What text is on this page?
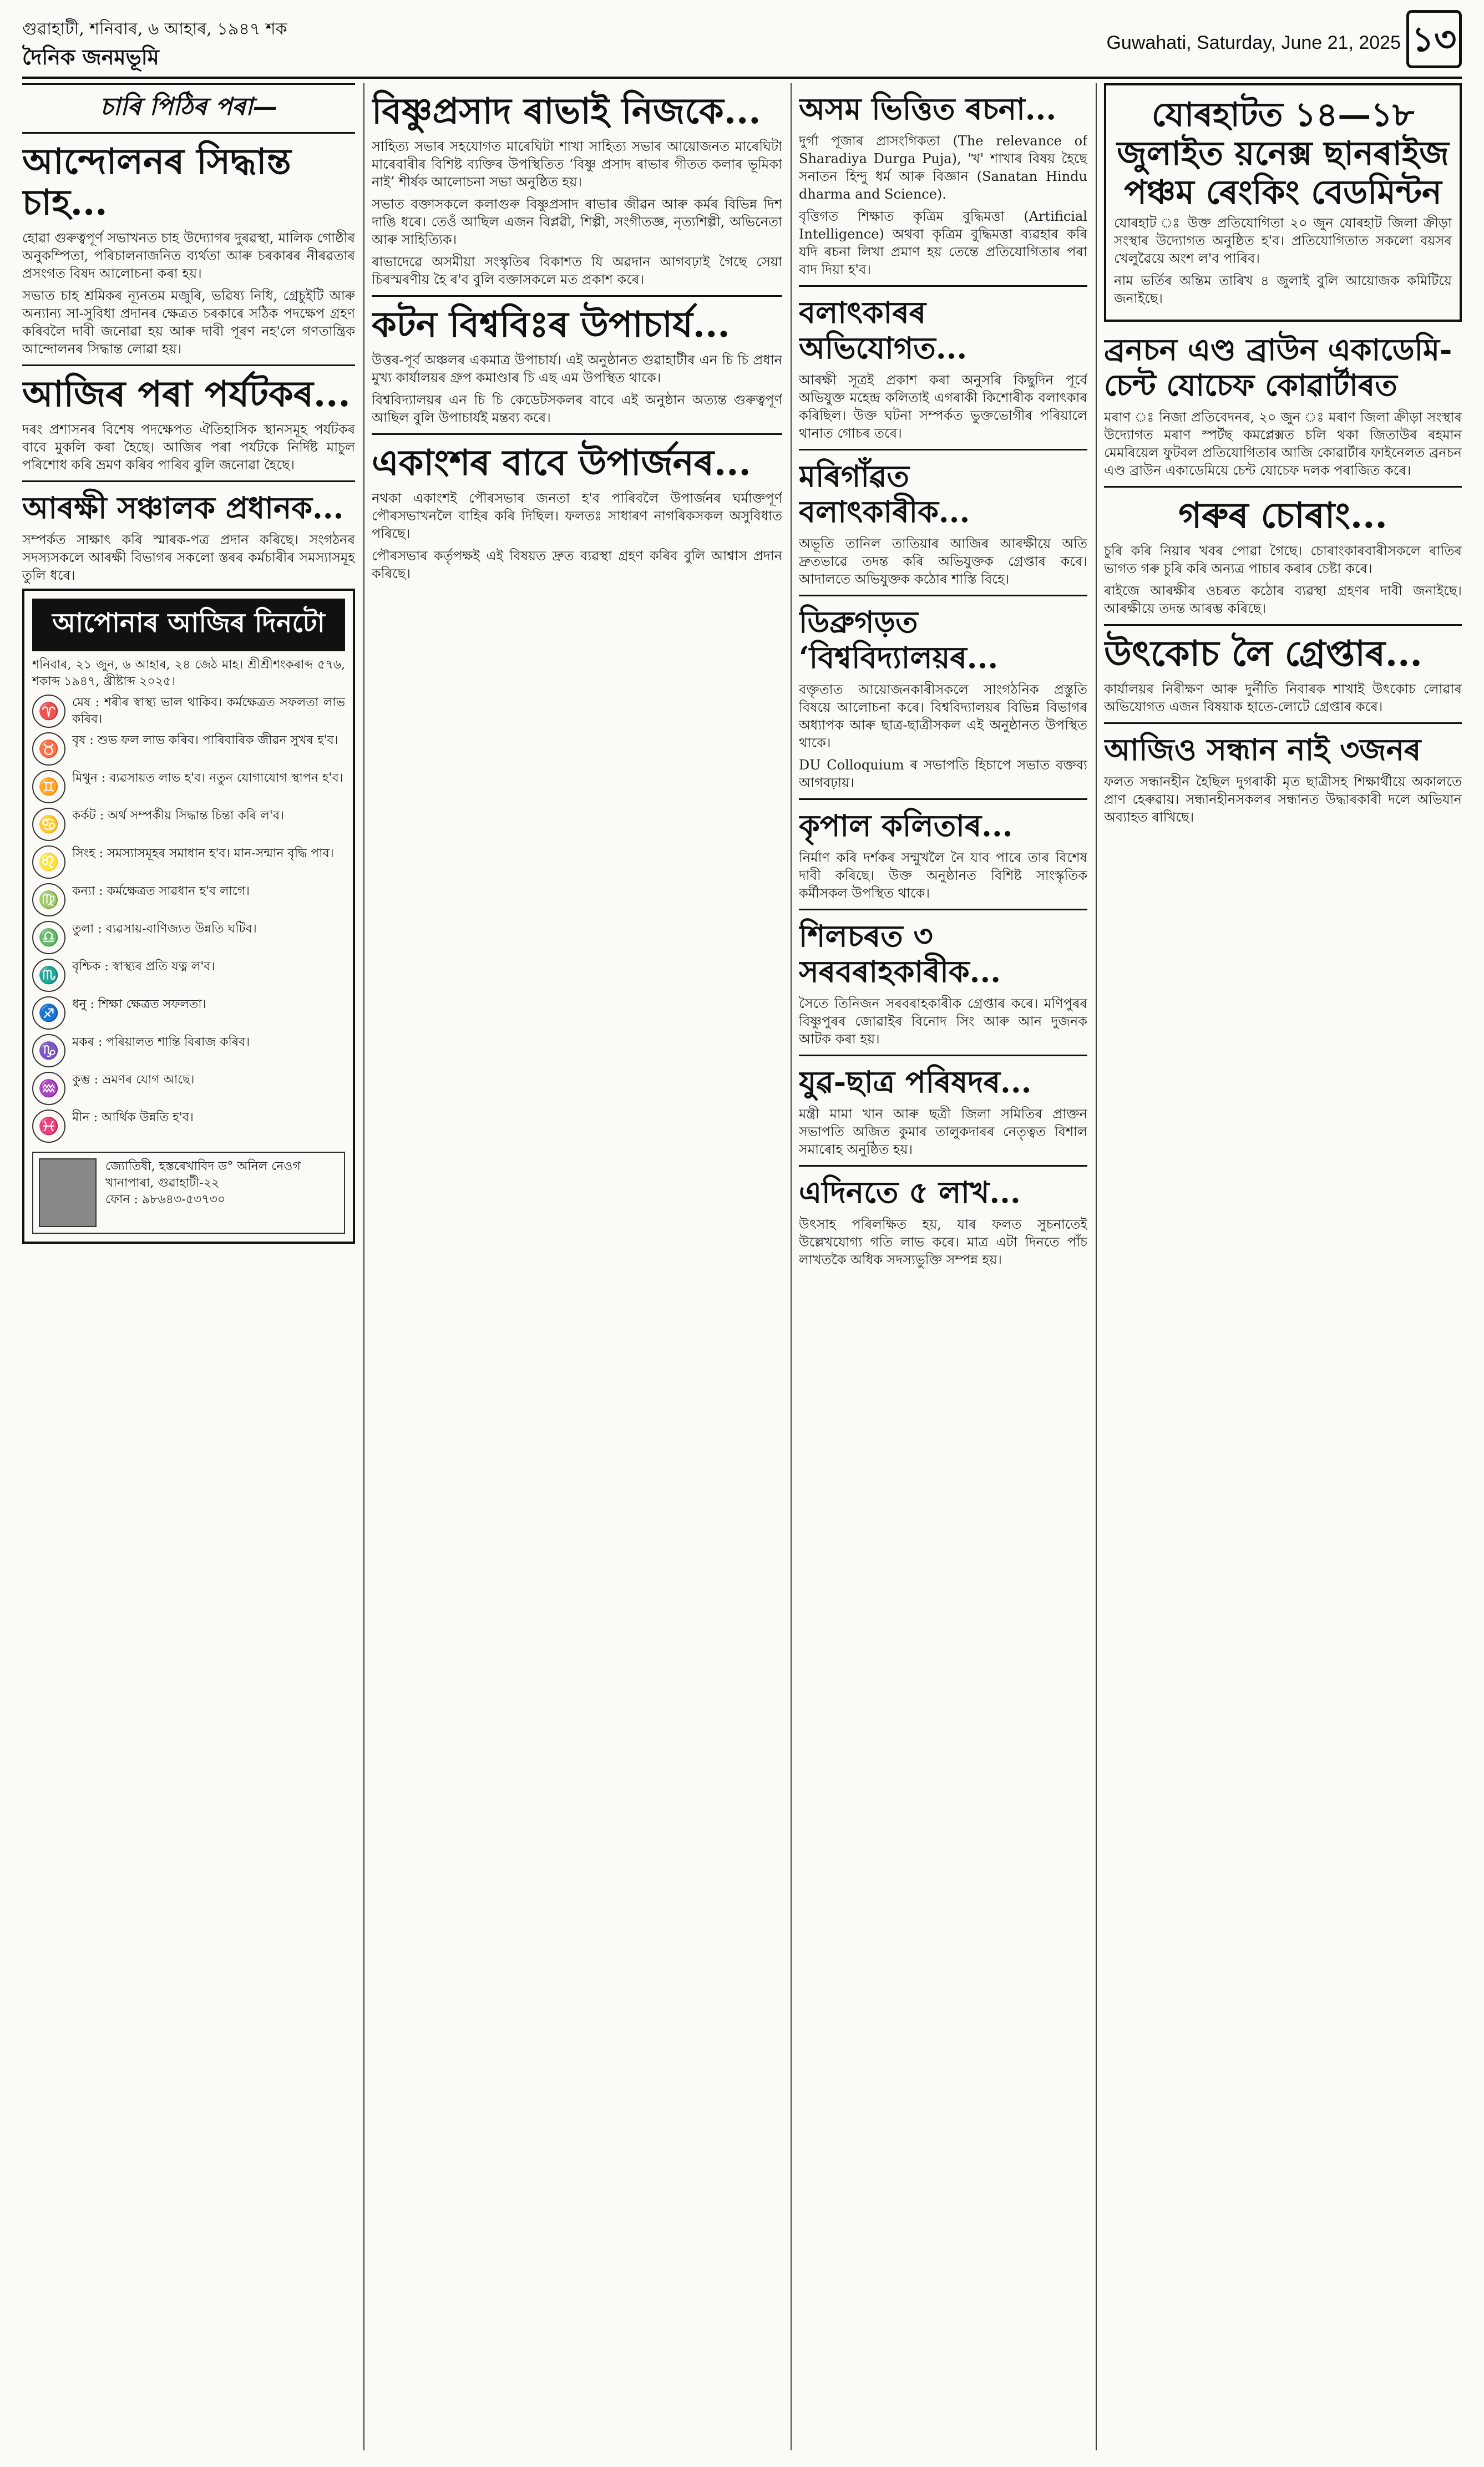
গুৱাহাটী, শনিবাৰ, ৬ আহাৰ, ১৯৪৭ শক
দৈনিক জনমভূমি
Guwahati, Saturday, June 21, 2025 ১৩
চাৰি পিঠিৰ পৰা—
আন্দোলনৰ সিদ্ধান্ত চাহ...

হোৱা গুৰুত্বপূৰ্ণ সভাখনত চাহ উদ্যোগৰ দুৰৱস্থা, মালিক গোষ্ঠীৰ অনুকম্পিতা, পৰিচালনাজনিত ব্যৰ্থতা আৰু চৰকাৰৰ নীৰৱতাৰ প্ৰসংগত বিষদ আলোচনা কৰা হয়।

সভাত চাহ শ্ৰমিকৰ ন্যূনতম মজুৰি, ভৱিষ্য নিধি, গ্ৰেচুইটি আৰু অন্যান্য সা-সুবিধা প্ৰদানৰ ক্ষেত্ৰত চৰকাৰে সঠিক পদক্ষেপ গ্ৰহণ কৰিবলৈ দাবী জনোৱা হয় আৰু দাবী পূৰণ নহ'লে গণতান্ত্ৰিক আন্দোলনৰ সিদ্ধান্ত লোৱা হয়।

আজিৰ পৰা পৰ্যটকৰ...

দৰং প্ৰশাসনৰ বিশেষ পদক্ষেপত ঐতিহাসিক স্থানসমূহ পৰ্যটকৰ বাবে মুকলি কৰা হৈছে। আজিৰ পৰা পৰ্যটকে নিৰ্দিষ্ট মাচুল পৰিশোধ কৰি ভ্ৰমণ কৰিব পাৰিব বুলি জনোৱা হৈছে।

আৰক্ষী সঞ্চালক প্ৰধানক...

সম্পৰ্কত সাক্ষাৎ কৰি স্মাৰক-পত্ৰ প্ৰদান কৰিছে। সংগঠনৰ সদস্যসকলে আৰক্ষী বিভাগৰ সকলো স্তৰৰ কৰ্মচাৰীৰ সমস্যাসমূহ তুলি ধৰে।

আপোনাৰ আজিৰ দিনটো

শনিবাৰ, ২১ জুন, ৬ আহাৰ, ২৪ জেঠ মাহ। শ্ৰীশ্ৰীশংকৰাব্দ ৫৭৬, শকাব্দ ১৯৪৭, খ্ৰীষ্টাব্দ ২০২৫।

♈	মেষ : শৰীৰ স্বাস্থ্য ভাল থাকিব। কৰ্মক্ষেত্ৰত সফলতা লাভ কৰিব।

♉	বৃষ : শুভ ফল লাভ কৰিব। পাৰিবাৰিক জীৱন সুখৰ হ'ব।

♊	মিথুন : ব্যৱসায়ত লাভ হ'ব। নতুন যোগাযোগ স্থাপন হ'ব।

♋	কৰ্কট : অৰ্থ সম্পৰ্কীয় সিদ্ধান্ত চিন্তা কৰি ল'ব।

♌	সিংহ : সমস্যাসমূহৰ সমাধান হ'ব। মান-সন্মান বৃদ্ধি পাব।

♍	কন্যা : কৰ্মক্ষেত্ৰত সাৱধান হ'ব লাগে।

♎	তুলা : ব্যৱসায়-বাণিজ্যত উন্নতি ঘটিব।

♏	বৃশ্চিক : স্বাস্থ্যৰ প্ৰতি যত্ন ল'ব।

♐	ধনু : শিক্ষা ক্ষেত্ৰত সফলতা।

♑	মকৰ : পৰিয়ালত শান্তি বিৰাজ কৰিব।

♒	কুম্ভ : ভ্ৰমণৰ যোগ আছে।

♓	মীন : আৰ্থিক উন্নতি হ'ব।

জ্যোতিষী, হস্তৰেখাবিদ ড° অনিল নেওগ

খানাপাৰা, গুৱাহাটী-২২

ফোন : ৯৮৬৪৩-৫৩৭৩০

বিষ্ণুপ্ৰসাদ ৰাভাই নিজকে...

সাহিত্য সভাৰ সহযোগত মাৰেঘিটা শাখা সাহিত্য সভাৰ আয়োজনত মাৰেঘিটা মাৰেবাৰীৰ বিশিষ্ট ব্যক্তিৰ উপস্থিতিত ‘বিষ্ণু প্ৰসাদ ৰাভাৰ গীতত কলাৰ ভূমিকা নাই’ শীৰ্ষক আলোচনা সভা অনুষ্ঠিত হয়।

সভাত বক্তাসকলে কলাগুৰু বিষ্ণুপ্ৰসাদ ৰাভাৰ জীৱন আৰু কৰ্মৰ বিভিন্ন দিশ দাঙি ধৰে। তেওঁ আছিল এজন বিপ্লৱী, শিল্পী, সংগীতজ্ঞ, নৃত্যশিল্পী, অভিনেতা আৰু সাহিত্যিক।

ৰাভাদেৱে অসমীয়া সংস্কৃতিৰ বিকাশত যি অৱদান আগবঢ়াই গৈছে সেয়া চিৰস্মৰণীয় হৈ ৰ'ব বুলি বক্তাসকলে মত প্ৰকাশ কৰে।

কটন বিশ্ববিঃৰ উপাচাৰ্য...

উত্তৰ-পূৰ্ব অঞ্চলৰ একমাত্ৰ উপাচাৰ্য। এই অনুষ্ঠানত গুৱাহাটীৰ এন চি চি প্ৰধান মুখ্য কাৰ্যালয়ৰ গ্ৰুপ কমাণ্ডাৰ চি এছ এম উপস্থিত থাকে।

বিশ্ববিদ্যালয়ৰ এন চি চি কেডেটসকলৰ বাবে এই অনুষ্ঠান অত্যন্ত গুৰুত্বপূৰ্ণ আছিল বুলি উপাচাৰ্যই মন্তব্য কৰে।

একাংশৰ বাবে উপাৰ্জনৰ...

নথকা একাংশই পৌৰসভাৰ জনতা হ'ব পাৰিবলৈ উপাৰ্জনৰ ঘৰ্মাক্তপূৰ্ণ পৌৰসভাখনলৈ বাহিৰ কৰি দিছিল। ফলতঃ সাধাৰণ নাগৰিকসকল অসুবিধাত পৰিছে।

পৌৰসভাৰ কৰ্তৃপক্ষই এই বিষয়ত দ্ৰুত ব্যৱস্থা গ্ৰহণ কৰিব বুলি আশ্বাস প্ৰদান কৰিছে।

অসম ভিত্তিত ৰচনা...

দুৰ্গা পূজাৰ প্ৰাসংগিকতা (The relevance of Sharadiya Durga Puja), 'খ' শাখাৰ বিষয় হৈছে সনাতন হিন্দু ধৰ্ম আৰু বিজ্ঞান (Sanatan Hindu dharma and Science).

বৃত্তিগত শিক্ষাত কৃত্ৰিম বুদ্ধিমত্তা (Artificial Intelligence) অথবা কৃত্ৰিম বুদ্ধিমত্তা ব্যৱহাৰ কৰি যদি ৰচনা লিখা প্ৰমাণ হয় তেন্তে প্ৰতিযোগিতাৰ পৰা বাদ দিয়া হ'ব।

বলাৎকাৰৰ অভিযোগত...

আৰক্ষী সূত্ৰই প্ৰকাশ কৰা অনুসৰি কিছুদিন পূৰ্বে অভিযুক্ত মহেন্দ্ৰ কলিতাই এগৰাকী কিশোৰীক বলাৎকাৰ কৰিছিল। উক্ত ঘটনা সম্পৰ্কত ভুক্তভোগীৰ পৰিয়ালে থানাত গোচৰ তৰে।

মৰিগাঁৱত বলাৎকাৰীক...

অভূতি তানিল তাতিয়াৰ আজিৰ আৰক্ষীয়ে অতি দ্ৰুতভাৱে তদন্ত কৰি অভিযুক্তক গ্ৰেপ্তাৰ কৰে। আদালতে অভিযুক্তক কঠোৰ শাস্তি বিহে।

ডিব্ৰুগড়ত ‘বিশ্ববিদ্যালয়ৰ...

বক্তৃতাত আয়োজনকাৰীসকলে সাংগঠনিক প্ৰস্তুতি বিষয়ে আলোচনা কৰে। বিশ্ববিদ্যালয়ৰ বিভিন্ন বিভাগৰ অধ্যাপক আৰু ছাত্ৰ-ছাত্ৰীসকল এই অনুষ্ঠানত উপস্থিত থাকে।

DU Colloquium ৰ সভাপতি হিচাপে সভাত বক্তব্য আগবঢ়ায়।

কৃপাল কলিতাৰ...

নিৰ্মাণ কৰি দৰ্শকৰ সন্মুখলৈ নৈ যাব পাৰে তাৰ বিশেষ দাবী কৰিছে। উক্ত অনুষ্ঠানত বিশিষ্ট সাংস্কৃতিক কৰ্মীসকল উপস্থিত থাকে।

শিলচৰত ৩ সৰবৰাহকাৰীক...

সৈতে তিনিজন সৰবৰাহকাৰীক গ্ৰেপ্তাৰ কৰে। মণিপুৰৰ বিষ্ণুপুৰৰ জোৱাইৰ বিনোদ সিং আৰু আন দুজনক আটক কৰা হয়।

যুৱ-ছাত্ৰ পৰিষদৰ...

মন্ত্ৰী মামা খান আৰু ছত্ৰী জিলা সমিতিৰ প্ৰাক্তন সভাপতি অজিত কুমাৰ তালুকদাৰৰ নেতৃত্বত বিশাল সমাৰোহ অনুষ্ঠিত হয়।

এদিনতে ৫ লাখ...

উৎসাহ পৰিলক্ষিত হয়, যাৰ ফলত সুচনাতেই উল্লেখযোগ্য গতি লাভ কৰে। মাত্ৰ এটা দিনতে পাঁচ লাখতকৈ অধিক সদস্যভুক্তি সম্পন্ন হয়।

যোৰহাটত ১৪—১৮ জুলাইত য়নেক্স ছানৰাইজ পঞ্চম ৰেংকিং বেডমিন্টন

যোৰহাট ঃ উক্ত প্ৰতিযোগিতা ২০ জুন যোৰহাট জিলা ক্ৰীড়া সংস্থাৰ উদ্যোগত অনুষ্ঠিত হ'ব। প্ৰতিযোগিতাত সকলো বয়সৰ খেলুৱৈয়ে অংশ ল'ব পাৰিব।

নাম ভৰ্তিৰ অন্তিম তাৰিখ ৪ জুলাই বুলি আয়োজক কমিটিয়ে জনাইছে।

ব্ৰনচন এণ্ড ব্ৰাউন একাডেমি-চেন্ট যোচেফ কোৱাৰ্টাৰত

মৰাণ ঃ নিজা প্ৰতিবেদনৰ, ২০ জুন ঃ মৰাণ জিলা ক্ৰীড়া সংস্থাৰ উদ্যোগত মৰাণ স্পৰ্টছ কমপ্লেক্সত চলি থকা জিতাউৰ ৰহমান মেমৰিয়েল ফুটবল প্ৰতিযোগিতাৰ আজি কোৱাৰ্টাৰ ফাইনেলত ব্ৰনচন এণ্ড ব্ৰাউন একাডেমিয়ে চেন্ট যোচেফ দলক পৰাজিত কৰে।

গৰুৰ চোৰাং...

চুৰি কৰি নিয়াৰ খবৰ পোৱা গৈছে। চোৰাংকাৰবাৰীসকলে ৰাতিৰ ভাগত গৰু চুৰি কৰি অন্যত্ৰ পাচাৰ কৰাৰ চেষ্টা কৰে।

ৰাইজে আৰক্ষীৰ ওচৰত কঠোৰ ব্যৱস্থা গ্ৰহণৰ দাবী জনাইছে। আৰক্ষীয়ে তদন্ত আৰম্ভ কৰিছে।

উৎকোচ লৈ গ্ৰেপ্তাৰ...

কাৰ্যালয়ৰ নিৰীক্ষণ আৰু দুৰ্নীতি নিবাৰক শাখাই উৎকোচ লোৱাৰ অভিযোগত এজন বিষয়াক হাতে-লোটে গ্ৰেপ্তাৰ কৰে।

আজিও সন্ধান নাই ৩জনৰ

ফলত সন্ধানহীন হৈছিল দুগৰাকী মৃত ছাত্ৰীসহ শিক্ষাৰ্থীয়ে অকালতে প্ৰাণ হেৰুৱায়। সন্ধানহীনসকলৰ সন্ধানত উদ্ধাৰকাৰী দলে অভিযান অব্যাহত ৰাখিছে।
